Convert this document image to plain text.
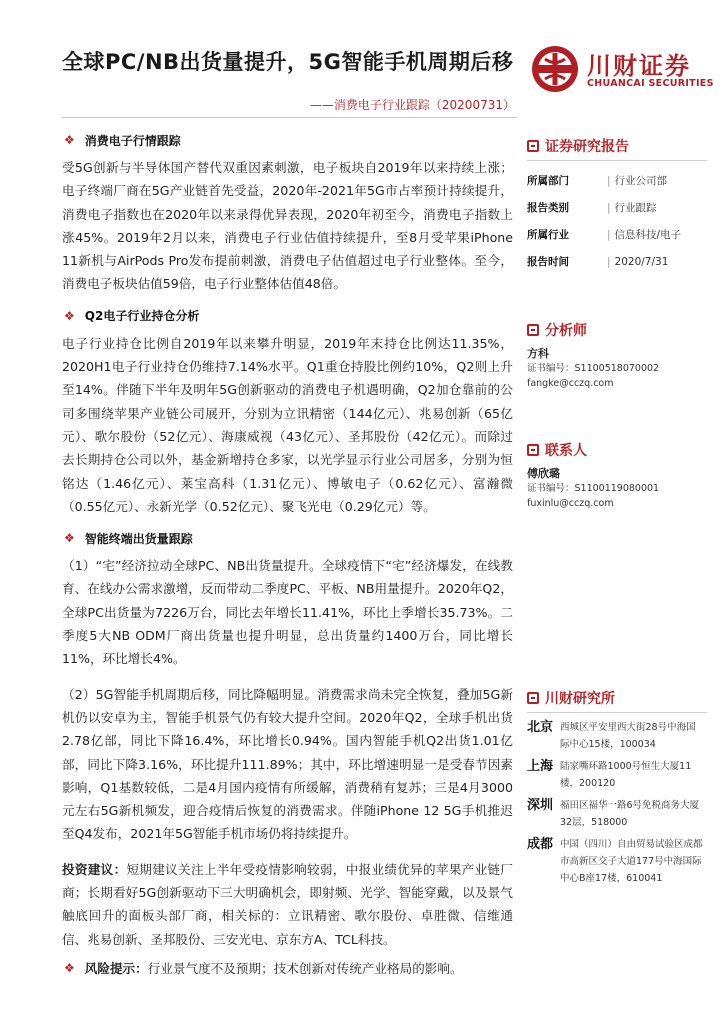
全球PC/NB出货量提升，5G智能手机周期后移
——消费电子行业跟踪（20200731）
川财证券
CHUANCAI SECURITIES
❖ 消费电子行情跟踪

受5G创新与半导体国产替代双重因素刺激，电子板块自2019年以来持续上涨；电子终端厂商在5G产业链首先受益，2020年-2021年5G市占率预计持续提升，消费电子指数也在2020年以来录得优异表现，2020年初至今，消费电子指数上涨45%。2019年2月以来，消费电子行业估值持续提升，至8月受苹果iPhone 11新机与AirPods Pro发布提前刺激，消费电子估值超过电子行业整体。至今，消费电子板块估值59倍，电子行业整体估值48倍。

❖ Q2电子行业持仓分析

电子行业持仓比例自2019年以来攀升明显，2019年末持仓比例达11.35%，2020H1电子行业持仓仍维持7.14%水平。Q1重仓持股比例约10%，Q2则上升至14%。伴随下半年及明年5G创新驱动的消费电子机遇明确，Q2加仓靠前的公司多围绕苹果产业链公司展开，分别为立讯精密（144亿元）、兆易创新（65亿元）、歌尔股份（52亿元）、海康威视（43亿元）、圣邦股份（42亿元）。而除过去长期持仓公司以外，基金新增持仓多家，以光学显示行业公司居多，分别为恒铭达（1.46亿元）、莱宝高科（1.31亿元）、博敏电子（0.62亿元）、富瀚微（0.55亿元）、永新光学（0.52亿元）、聚飞光电（0.29亿元）等。

❖ 智能终端出货量跟踪

（1）“宅”经济拉动全球PC、NB出货量提升。全球疫情下“宅”经济爆发，在线教育、在线办公需求激增，反而带动二季度PC、平板、NB用量提升。2020年Q2，全球PC出货量为7226万台，同比去年增长11.41%，环比上季增长35.73%。二季度5大NB ODM厂商出货量也提升明显，总出货量约1400万台，同比增长11%，环比增长4%。

（2）5G智能手机周期后移，同比降幅明显。消费需求尚未完全恢复，叠加5G新机仍以安卓为主，智能手机景气仍有较大提升空间。2020年Q2，全球手机出货2.78亿部，同比下降16.4%，环比增长0.94%。国内智能手机Q2出货1.01亿部，同比下降3.16%，环比提升111.89%；其中，环比增速明显一是受春节因素影响，Q1基数较低，二是4月国内疫情有所缓解，消费稍有复苏；三是4月3000元左右5G新机频发，迎合疫情后恢复的消费需求。伴随iPhone 12 5G手机推迟至Q4发布，2021年5G智能手机市场仍将持续提升。

投资建议：短期建议关注上半年受疫情影响较弱，中报业绩优异的苹果产业链厂商；长期看好5G创新驱动下三大明确机会，即射频、光学、智能穿戴，以及景气触底回升的面板头部厂商，相关标的：立讯精密、歌尔股份、卓胜微、信维通信、兆易创新、圣邦股份、三安光电、京东方A、TCL科技。

❖ 风险提示： 行业景气度不及预期；技术创新对传统产业格局的影响。
证券研究报告
所属部门	| 行业公司部
报告类别	| 行业跟踪
所属行业	| 信息科技/电子
报告时间	| 2020/7/31
分析师
方科
证书编号：S1100518070002
fangke@cczq.com
联系人
傅欣璐
证书编号：S1100119080001
fuxinlu@cczq.com
川财研究所
北京 西城区平安里西大街28号中海国际中心15楼，100034
上海 陆家嘴环路1000号恒生大厦11楼，200120
深圳 福田区福华一路6号免税商务大厦32层，518000
成都 中国（四川）自由贸易试验区成都市高新区交子大道177号中海国际中心B座17楼，610041
